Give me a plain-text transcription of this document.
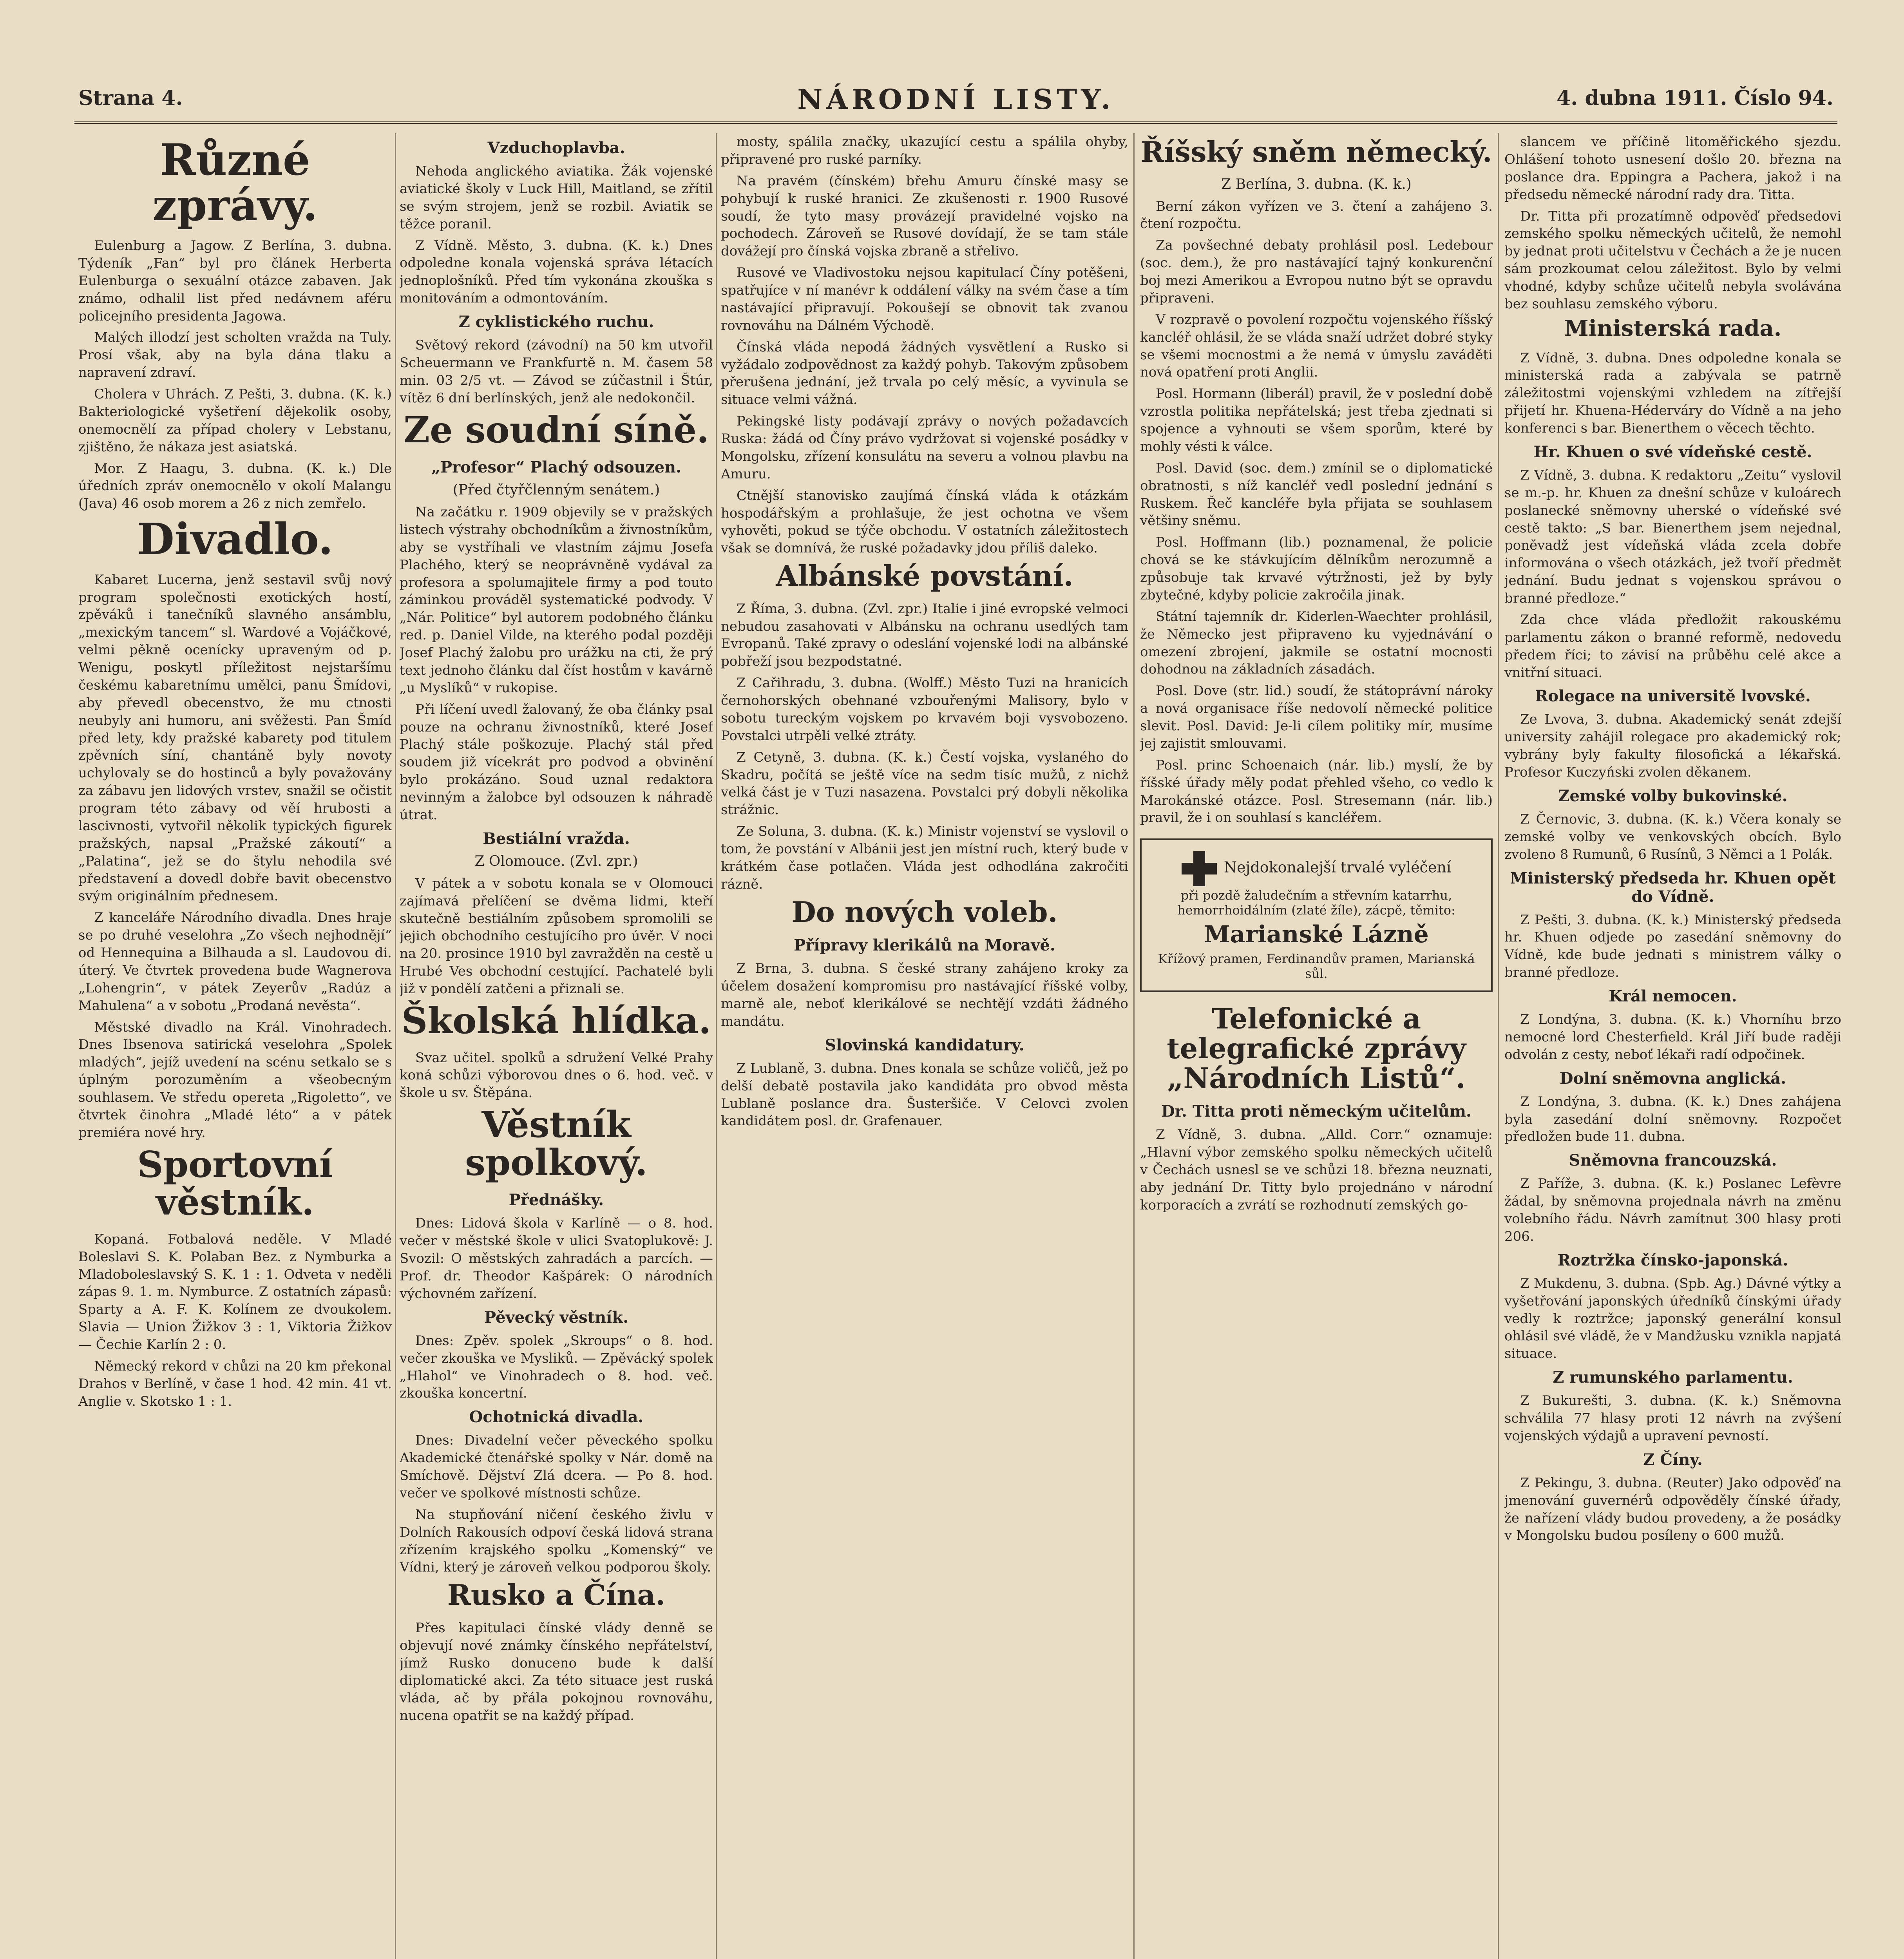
Strana 4.	NÁRODNÍ LISTY.	4. dubna 1911. Číslo 94.
Různé zprávy.

Eulenburg a Jagow. Z Berlína, 3. dubna. Týdeník „Fan“ byl pro článek Herberta Eulenburga o sexuální otázce zabaven. Jak známo, odhalil list před nedávnem aféru policejního presidenta Jagowa.

Malých illodzí jest scholten vražda na Tuly. Prosí však, aby na byla dána tlaku a napravení zdraví.

Cholera v Uhrách. Z Pešti, 3. dubna. (K. k.) Bakteriologické vyšetření dějekolik osoby, onemocnělí za případ cholery v Lebstanu, zjištěno, že nákaza jest asiatská.

Mor. Z Haagu, 3. dubna. (K. k.) Dle úředních zpráv onemocnělo v okolí Malangu (Java) 46 osob morem a 26 z nich zemřelo.

Divadlo.

Kabaret Lucerna, jenž sestavil svůj nový program společnosti exotických hostí, zpěváků i tanečníků slavného ansámblu, „mexickým tancem“ sl. Wardové a Vojáčkové, velmi pěkně ocenícky upraveným od p. Wenigu, poskytl příležitost nejstaršímu českému kabaretnímu umělci, panu Šmídovi, aby převedl obecenstvo, že mu ctnosti neubyly ani humoru, ani svěžesti. Pan Šmíd před lety, kdy pražské kabarety pod titulem zpěvních síní, chantáně byly novoty uchylovaly se do hostinců a byly považovány za zábavu jen lidových vrstev, snažil se očistit program této zábavy od věí hrubosti a lascivnosti, vytvořil několik typických figurek pražských, napsal „Pražské zákoutí“ a „Palatina“, jež se do štylu nehodila své představení a dovedl dobře bavit obecenstvo svým originálním přednesem.

Z kanceláře Národního divadla. Dnes hraje se po druhé veselohra „Zo všech nejhodnějí“ od Hennequina a Bilhauda a sl. Laudovou di. úterý. Ve čtvrtek provedena bude Wagnerova „Lohengrin“, v pátek Zeyerův „Radúz a Mahulena“ a v sobotu „Prodaná nevěsta“.

Městské divadlo na Král. Vinohradech. Dnes Ibsenova satirická veselohra „Spolek mladých“, jejíž uvedení na scénu setkalo se s úplným porozuměním a všeobecným souhlasem. Ve středu opereta „Rigoletto“, ve čtvrtek činohra „Mladé léto“ a v pátek premiéra nové hry.

Sportovní věstník.

Kopaná. Fotbalová neděle. V Mladé Boleslavi S. K. Polaban Bez. z Nymburka a Mladoboleslavský S. K. 1 : 1. Odveta v neděli zápas 9. 1. m. Nymburce. Z ostatních zápasů: Sparty a A. F. K. Kolínem ze dvoukolem. Slavia — Union Žižkov 3 : 1, Viktoria Žižkov — Čechie Karlín 2 : 0.

Německý rekord v chůzi na 20 km překonal Drahos v Berlíně, v čase 1 hod. 42 min. 41 vt. Anglie v. Skotsko 1 : 1.

Vzduchoplavba.

Nehoda anglického aviatika. Žák vojenské aviatické školy v Luck Hill, Maitland, se zřítil se svým strojem, jenž se rozbil. Aviatik se těžce poranil.

Z Vídně. Město, 3. dubna. (K. k.) Dnes odpoledne konala vojenská správa létacích jednoplošníků. Před tím vykonána zkouška s monitováním a odmontováním.

Z cyklistického ruchu.

Světový rekord (závodní) na 50 km utvořil Scheuermann ve Frankfurtě n. M. časem 58 min. 03 2/5 vt. — Závod se zúčastnil i Štúr, vítěz 6 dní berlínských, jenž ale nedokončil.

Ze soudní síně.
„Profesor“ Plachý odsouzen.
(Před čtyřčlenným senátem.)

Na začátku r. 1909 objevily se v pražských listech výstrahy obchodníkům a živnostníkům, aby se vystříhali ve vlastním zájmu Josefa Plachého, který se neoprávněně vydával za profesora a spolumajitele firmy a pod touto záminkou prováděl systematické podvody. V „Nár. Politice“ byl autorem podobného článku red. p. Daniel Vilde, na kterého podal později Josef Plachý žalobu pro urážku na cti, že prý text jednoho článku dal číst hostům v kavárně „u Myslíků“ v rukopise.

Při líčení uvedl žalovaný, že oba články psal pouze na ochranu živnostníků, které Josef Plachý stále poškozuje. Plachý stál před soudem již vícekrát pro podvod a obvinění bylo prokázáno. Soud uznal redaktora nevinným a žalobce byl odsouzen k náhradě útrat.

Bestiální vražda.
Z Olomouce. (Zvl. zpr.)

V pátek a v sobotu konala se v Olomouci zajímavá přelíčení se dvěma lidmi, kteří skutečně bestiálním způsobem spromolili se jejich obchodního cestujícího pro úvěr. V noci na 20. prosince 1910 byl zavražděn na cestě u Hrubé Ves obchodní cestující. Pachatelé byli již v pondělí zatčeni a přiznali se.

Školská hlídka.

Svaz učitel. spolků a sdružení Velké Prahy koná schůzi výborovou dnes o 6. hod. več. v škole u sv. Štěpána.

Věstník spolkový.
Přednášky.

Dnes: Lidová škola v Karlíně — o 8. hod. večer v městské škole v ulici Svatoplukově: J. Svozil: O městských zahradách a parcích. — Prof. dr. Theodor Kašpárek: O národních výchovném zařízení.

Pěvecký věstník.

Dnes: Zpěv. spolek „Skroups“ o 8. hod. večer zkouška ve Mysliků. — Zpěvácký spolek „Hlahol“ ve Vinohradech o 8. hod. več. zkouška koncertní.

Ochotnická divadla.

Dnes: Divadelní večer pěveckého spolku Akademické čtenářské spolky v Nár. domě na Smíchově. Dějství Zlá dcera. — Po 8. hod. večer ve spolkové místnosti schůze.

Na stupňování ničení českého živlu v Dolních Rakousích odpoví česká lidová strana zřízením krajského spolku „Komenský“ ve Vídni, který je zároveň velkou podporou školy.

Rusko a Čína.

Přes kapitulaci čínské vlády denně se objevují nové známky čínského nepřátelství, jímž Rusko donuceno bude k další diplomatické akci. Za této situace jest ruská vláda, ač by přála pokojnou rovnováhu, nucena opatřit se na každý případ.

mosty, spálila značky, ukazující cestu a spálila ohyby, připravené pro ruské parníky.

Na pravém (čínském) břehu Amuru čínské masy se pohybují k ruské hranici. Ze zkušenosti r. 1900 Rusové soudí, že tyto masy provázejí pravidelné vojsko na pochodech. Zároveň se Rusové dovídají, že se tam stále dovážejí pro čínská vojska zbraně a střelivo.

Rusové ve Vladivostoku nejsou kapitulací Číny potěšeni, spatřujíce v ní manévr k oddálení války na svém čase a tím nastávající připravují. Pokoušejí se obnovit tak zvanou rovnováhu na Dálném Východě.

Čínská vláda nepodá žádných vysvětlení a Rusko si vyžádalo zodpovědnost za každý pohyb. Takovým způsobem přerušena jednání, jež trvala po celý měsíc, a vyvinula se situace velmi vážná.

Pekingské listy podávají zprávy o nových požadavcích Ruska: žádá od Číny právo vydržovat si vojenské posádky v Mongolsku, zřízení konsulátu na severu a volnou plavbu na Amuru.

Ctnější stanovisko zaujímá čínská vláda k otázkám hospodářským a prohlašuje, že jest ochotna ve všem vyhověti, pokud se týče obchodu. V ostatních záležitostech však se domnívá, že ruské požadavky jdou příliš daleko.

Albánské povstání.

Z Říma, 3. dubna. (Zvl. zpr.) Italie i jiné evropské velmoci nebudou zasahovati v Albánsku na ochranu usedlých tam Evropanů. Také zpravy o odeslání vojenské lodi na albánské pobřeží jsou bezpodstatné.

Z Cařihradu, 3. dubna. (Wolff.) Město Tuzi na hranicích černohorských obehnané vzbouřenými Malisory, bylo v sobotu tureckým vojskem po krvavém boji vysvobozeno. Povstalci utrpěli velké ztráty.

Z Cetyně, 3. dubna. (K. k.) Čestí vojska, vyslaného do Skadru, počítá se ještě více na sedm tisíc mužů, z nichž velká část je v Tuzi nasazena. Povstalci prý dobyli několika strážnic.

Ze Soluna, 3. dubna. (K. k.) Ministr vojenství se vyslovil o tom, že povstání v Albánii jest jen místní ruch, který bude v krátkém čase potlačen. Vláda jest odhodlána zakročiti rázně.

Do nových voleb.
Přípravy klerikálů na Moravě.

Z Brna, 3. dubna. S české strany zahájeno kroky za účelem dosažení kompromisu pro nastávající říšské volby, marně ale, neboť klerikálové se nechtějí vzdáti žádného mandátu.

Slovinská kandidatury.

Z Lublaně, 3. dubna. Dnes konala se schůze voličů, jež po delší debatě postavila jako kandidáta pro obvod města Lublaně poslance dra. Šusteršiče. V Celovci zvolen kandidátem posl. dr. Grafenauer.

Říšský sněm německý.
Z Berlína, 3. dubna. (K. k.)

Berní zákon vyřízen ve 3. čtení a zahájeno 3. čtení rozpočtu.

Za povšechné debaty prohlásil posl. Ledebour (soc. dem.), že pro nastávající tajný konkurenční boj mezi Amerikou a Evropou nutno být se opravdu připraveni.

V rozpravě o povolení rozpočtu vojenského říšský kancléř ohlásil, že se vláda snaží udržet dobré styky se všemi mocnostmi a že nemá v úmyslu zaváděti nová opatření proti Anglii.

Posl. Hormann (liberál) pravil, že v poslední době vzrostla politika nepřátelská; jest třeba zjednati si spojence a vyhnouti se všem sporům, které by mohly vésti k válce.

Posl. David (soc. dem.) zmínil se o diplomatické obratnosti, s níž kancléř vedl poslední jednání s Ruskem. Řeč kancléře byla přijata se souhlasem většiny sněmu.

Posl. Hoffmann (lib.) poznamenal, že policie chová se ke stávkujícím dělníkům nerozumně a způsobuje tak krvavé výtržnosti, jež by byly zbytečné, kdyby policie zakročila jinak.

Státní tajemník dr. Kiderlen-Waechter prohlásil, že Německo jest připraveno ku vyjednávání o omezení zbrojení, jakmile se ostatní mocnosti dohodnou na základních zásadách.

Posl. Dove (str. lid.) soudí, že státoprávní nároky a nová organisace říše nedovolí německé politice slevit. Posl. David: Je-li cílem politiky mír, musíme jej zajistit smlouvami.

Posl. princ Schoenaich (nár. lib.) myslí, že by říšské úřady měly podat přehled všeho, co vedlo k Marokánské otázce. Posl. Stresemann (nár. lib.) pravil, že i on souhlasí s kancléřem.

Nejdokonalejší trvalé vyléčení
při pozdě žaludečním a střevním katarrhu, hemorrhoidálním (zlaté žíle), zácpě, těmito:
Marianské Lázně
Křížový pramen, Ferdinandův pramen, Marianská sůl.
Telefonické a telegrafické zprávy „Národních Listů“.
Dr. Titta proti německým učitelům.

Z Vídně, 3. dubna. „Alld. Corr.“ oznamuje: „Hlavní výbor zemského spolku německých učitelů v Čechách usnesl se ve schůzi 18. března neuznati, aby jednání Dr. Titty bylo projednáno v národní korporacích a zvrátí se rozhodnutí zemských go-

slancem ve příčině litoměřického sjezdu. Ohlášení tohoto usnesení došlo 20. března na poslance dra. Eppingra a Pachera, jakož i na předsedu německé národní rady dra. Titta.

Dr. Titta při prozatímně odpověď předsedovi zemského spolku německých učitelů, že nemohl by jednat proti učitelstvu v Čechách a že je nucen sám prozkoumat celou záležitost. Bylo by velmi vhodné, kdyby schůze učitelů nebyla svolávána bez souhlasu zemského výboru.

Ministerská rada.

Z Vídně, 3. dubna. Dnes odpoledne konala se ministerská rada a zabývala se patrně záležitostmi vojenskými vzhledem na zítřejší přijetí hr. Khuena-Héderváry do Vídně a na jeho konferenci s bar. Bienerthem o věcech těchto.

Hr. Khuen o své vídeňské cestě.

Z Vídně, 3. dubna. K redaktoru „Zeitu“ vyslovil se m.-p. hr. Khuen za dnešní schůze v kuloárech poslanecké sněmovny uherské o vídeňské své cestě takto: „S bar. Bienerthem jsem nejednal, poněvadž jest vídeňská vláda zcela dobře informována o všech otázkách, jež tvoří předmět jednání. Budu jednat s vojenskou správou o branné předloze.“

Zda chce vláda předložit rakouskému parlamentu zákon o branné reformě, nedovedu předem říci; to závisí na průběhu celé akce a vnitřní situaci.

Rolegace na universitě lvovské.

Ze Lvova, 3. dubna. Akademický senát zdejší university zahájil rolegace pro akademický rok; vybrány byly fakulty filosofická a lékařská. Profesor Kuczyński zvolen děkanem.

Zemské volby bukovinské.

Z Černovic, 3. dubna. (K. k.) Včera konaly se zemské volby ve venkovských obcích. Bylo zvoleno 8 Rumunů, 6 Rusínů, 3 Němci a 1 Polák.

Ministerský předseda hr. Khuen opět do Vídně.

Z Pešti, 3. dubna. (K. k.) Ministerský předseda hr. Khuen odjede po zasedání sněmovny do Vídně, kde bude jednati s ministrem války o branné předloze.

Král nemocen.

Z Londýna, 3. dubna. (K. k.) Vhorníhu brzo nemocné lord Chesterfield. Král Jiří bude raději odvolán z cesty, neboť lékaři radí odpočinek.

Dolní sněmovna anglická.

Z Londýna, 3. dubna. (K. k.) Dnes zahájena byla zasedání dolní sněmovny. Rozpočet předložen bude 11. dubna.

Sněmovna francouzská.

Z Paříže, 3. dubna. (K. k.) Poslanec Lefèvre žádal, by sněmovna projednala návrh na změnu volebního řádu. Návrh zamítnut 300 hlasy proti 206.

Roztržka čínsko-japonská.

Z Mukdenu, 3. dubna. (Spb. Ag.) Dávné výtky a vyšetřování japonských úředníků čínskými úřady vedly k roztržce; japonský generální konsul ohlásil své vládě, že v Mandžusku vznikla napjatá situace.

Z rumunského parlamentu.

Z Bukurešti, 3. dubna. (K. k.) Sněmovna schválila 77 hlasy proti 12 návrh na zvýšení vojenských výdajů a upravení pevností.

Z Číny.

Z Pekingu, 3. dubna. (Reuter) Jako odpověď na jmenování guvernérů odpověděly čínské úřady, že nařízení vlády budou provedeny, a že posádky v Mongolsku budou posíleny o 600 mužů.
